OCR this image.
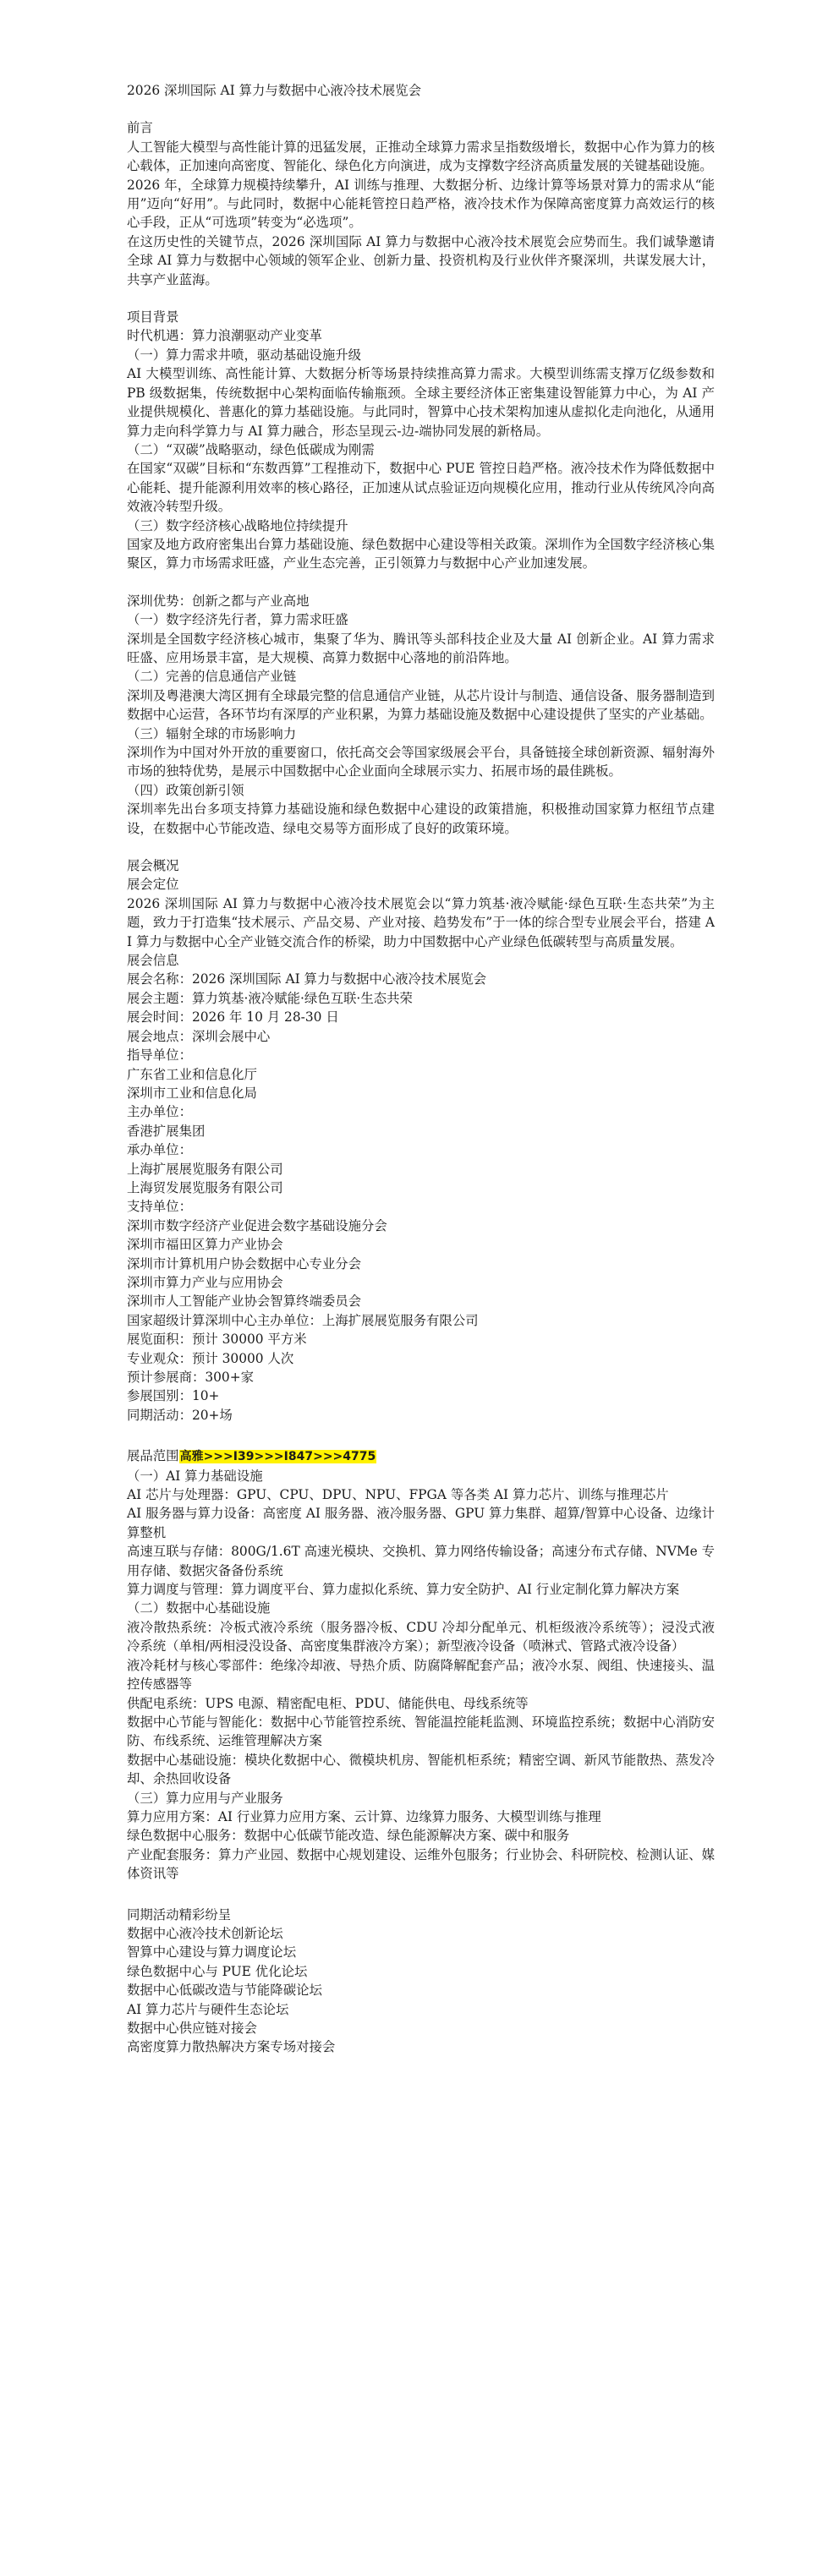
2026 深圳国际 AI 算力与数据中心液冷技术展览会
前言
人工智能大模型与高性能计算的迅猛发展，正推动全球算力需求呈指数级增长，数据中心作为算力的核心载体，正加速向高密度、智能化、绿色化方向演进，成为支撑数字经济高质量发展的关键基础设施。
2026 年，全球算力规模持续攀升，AI 训练与推理、大数据分析、边缘计算等场景对算力的需求从“能用”迈向“好用”。与此同时，数据中心能耗管控日趋严格，液冷技术作为保障高密度算力高效运行的核心手段，正从“可选项”转变为“必选项”。
在这历史性的关键节点，2026 深圳国际 AI 算力与数据中心液冷技术展览会应势而生。我们诚挚邀请全球 AI 算力与数据中心领域的领军企业、创新力量、投资机构及行业伙伴齐聚深圳，共谋发展大计，共享产业蓝海。
项目背景
时代机遇：算力浪潮驱动产业变革
（一）算力需求井喷，驱动基础设施升级
AI 大模型训练、高性能计算、大数据分析等场景持续推高算力需求。大模型训练需支撑万亿级参数和 PB 级数据集，传统数据中心架构面临传输瓶颈。全球主要经济体正密集建设智能算力中心，为 AI 产业提供规模化、普惠化的算力基础设施。与此同时，智算中心技术架构加速从虚拟化走向池化，从通用算力走向科学算力与 AI 算力融合，形态呈现云-边-端协同发展的新格局。
（二）“双碳”战略驱动，绿色低碳成为刚需
在国家“双碳”目标和“东数西算”工程推动下，数据中心 PUE 管控日趋严格。液冷技术作为降低数据中心能耗、提升能源利用效率的核心路径，正加速从试点验证迈向规模化应用，推动行业从传统风冷向高效液冷转型升级。
（三）数字经济核心战略地位持续提升
国家及地方政府密集出台算力基础设施、绿色数据中心建设等相关政策。深圳作为全国数字经济核心集聚区，算力市场需求旺盛，产业生态完善，正引领算力与数据中心产业加速发展。
深圳优势：创新之都与产业高地
（一）数字经济先行者，算力需求旺盛
深圳是全国数字经济核心城市，集聚了华为、腾讯等头部科技企业及大量 AI 创新企业。AI 算力需求旺盛、应用场景丰富，是大规模、高算力数据中心落地的前沿阵地。
（二）完善的信息通信产业链
深圳及粤港澳大湾区拥有全球最完整的信息通信产业链，从芯片设计与制造、通信设备、服务器制造到数据中心运营，各环节均有深厚的产业积累，为算力基础设施及数据中心建设提供了坚实的产业基础。
（三）辐射全球的市场影响力
深圳作为中国对外开放的重要窗口，依托高交会等国家级展会平台，具备链接全球创新资源、辐射海外市场的独特优势，是展示中国数据中心企业面向全球展示实力、拓展市场的最佳跳板。
（四）政策创新引领
深圳率先出台多项支持算力基础设施和绿色数据中心建设的政策措施，积极推动国家算力枢纽节点建设，在数据中心节能改造、绿电交易等方面形成了良好的政策环境。
展会概况
展会定位
2026 深圳国际 AI 算力与数据中心液冷技术展览会以“算力筑基·液冷赋能·绿色互联·生态共荣”为主题，致力于打造集“技术展示、产品交易、产业对接、趋势发布”于一体的综合型专业展会平台，搭建 AI 算力与数据中心全产业链交流合作的桥梁，助力中国数据中心产业绿色低碳转型与高质量发展。
展会信息
展会名称：2026 深圳国际 AI 算力与数据中心液冷技术展览会
展会主题：算力筑基·液冷赋能·绿色互联·生态共荣
展会时间：2026 年 10 月 28-30 日
展会地点：深圳会展中心
指导单位：
广东省工业和信息化厅
深圳市工业和信息化局
主办单位：
香港扩展集团
承办单位：
上海扩展展览服务有限公司
上海贸发展览服务有限公司
支持单位：
深圳市数字经济产业促进会数字基础设施分会
深圳市福田区算力产业协会
深圳市计算机用户协会数据中心专业分会
深圳市算力产业与应用协会
深圳市人工智能产业协会智算终端委员会
国家超级计算深圳中心主办单位：上海扩展展览服务有限公司
展览面积：预计 30000 平方米
专业观众：预计 30000 人次
预计参展商：300+家
参展国别：10+
同期活动：20+场
展品范围高雅>>>I39>>>I847>>>4775
（一）AI 算力基础设施
AI 芯片与处理器：GPU、CPU、DPU、NPU、FPGA 等各类 AI 算力芯片、训练与推理芯片
AI 服务器与算力设备：高密度 AI 服务器、液冷服务器、GPU 算力集群、超算/智算中心设备、边缘计算整机
高速互联与存储：800G/1.6T 高速光模块、交换机、算力网络传输设备；高速分布式存储、NVMe 专用存储、数据灾备备份系统
算力调度与管理：算力调度平台、算力虚拟化系统、算力安全防护、AI 行业定制化算力解决方案
（二）数据中心基础设施
液冷散热系统：冷板式液冷系统（服务器冷板、CDU 冷却分配单元、机柜级液冷系统等）；浸没式液冷系统（单相/两相浸没设备、高密度集群液冷方案）；新型液冷设备（喷淋式、管路式液冷设备）
液冷耗材与核心零部件：绝缘冷却液、导热介质、防腐降解配套产品；液冷水泵、阀组、快速接头、温控传感器等
供配电系统：UPS 电源、精密配电柜、PDU、储能供电、母线系统等
数据中心节能与智能化：数据中心节能管控系统、智能温控能耗监测、环境监控系统；数据中心消防安防、布线系统、运维管理解决方案
数据中心基础设施：模块化数据中心、微模块机房、智能机柜系统；精密空调、新风节能散热、蒸发冷却、余热回收设备
（三）算力应用与产业服务
算力应用方案：AI 行业算力应用方案、云计算、边缘算力服务、大模型训练与推理
绿色数据中心服务：数据中心低碳节能改造、绿色能源解决方案、碳中和服务
产业配套服务：算力产业园、数据中心规划建设、运维外包服务；行业协会、科研院校、检测认证、媒体资讯等
同期活动精彩纷呈
数据中心液冷技术创新论坛
智算中心建设与算力调度论坛
绿色数据中心与 PUE 优化论坛
数据中心低碳改造与节能降碳论坛
AI 算力芯片与硬件生态论坛
数据中心供应链对接会
高密度算力散热解决方案专场对接会
